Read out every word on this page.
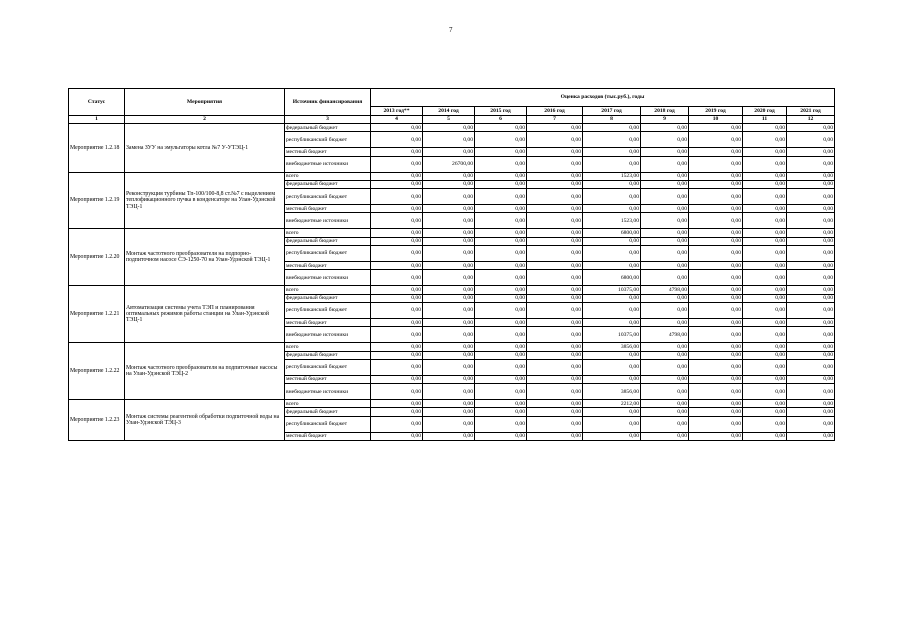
7
Статус	Мероприятия	Источник финансирования	Оценка расходов (тыс.руб.), годы								
			2013 год**	2014 год	2015 год	2016 год	2017 год	2018 год	2019 год	2020 год	2021 год
1	2	3	4	5	6	7	8	9	10	11	12
Мероприятие 1.2.18	Замена ЗУУ на эмульгаторы котла №7 У-УТЭЦ-1	федеральный бюджет	0,00	0,00	0,00	0,00	0,00	0,00	0,00	0,00	0,00
		республиканский бюджет	0,00	0,00	0,00	0,00	0,00	0,00	0,00	0,00	0,00
		местный бюджет	0,00	0,00	0,00	0,00	0,00	0,00	0,00	0,00	0,00
		внебюджетные источники	0,00	26700,00	0,00	0,00	0,00	0,00	0,00	0,00	0,00
Мероприятие 1.2.19	Реконструкция турбины Тп-100/100-8,8 ст.№7 с выделением теплофикационного пучка в конденсаторе на Улан-Удэнской ТЭЦ-1	всего	0,00	0,00	0,00	0,00	1523,00	0,00	0,00	0,00	0,00
		федеральный бюджет	0,00	0,00	0,00	0,00	0,00	0,00	0,00	0,00	0,00
		республиканский бюджет	0,00	0,00	0,00	0,00	0,00	0,00	0,00	0,00	0,00
		местный бюджет	0,00	0,00	0,00	0,00	0,00	0,00	0,00	0,00	0,00
		внебюджетные источники	0,00	0,00	0,00	0,00	1523,00	0,00	0,00	0,00	0,00
Мероприятие 1.2.20	Монтаж частотного преобразователя на подпорно-подпиточном насосе СЭ-1250-70 на Улан-Удэнской ТЭЦ-1	всего	0,00	0,00	0,00	0,00	6800,00	0,00	0,00	0,00	0,00
		федеральный бюджет	0,00	0,00	0,00	0,00	0,00	0,00	0,00	0,00	0,00
		республиканский бюджет	0,00	0,00	0,00	0,00	0,00	0,00	0,00	0,00	0,00
		местный бюджет	0,00	0,00	0,00	0,00	0,00	0,00	0,00	0,00	0,00
		внебюджетные источники	0,00	0,00	0,00	0,00	6800,00	0,00	0,00	0,00	0,00
Мероприятие 1.2.21	Автоматизация системы учета ТЭП и планирования оптимальных режимов работы станции на Улан-Удэнской ТЭЦ-1	всего	0,00	0,00	0,00	0,00	10375,00	4798,00	0,00	0,00	0,00
		федеральный бюджет	0,00	0,00	0,00	0,00	0,00	0,00	0,00	0,00	0,00
		республиканский бюджет	0,00	0,00	0,00	0,00	0,00	0,00	0,00	0,00	0,00
		местный бюджет	0,00	0,00	0,00	0,00	0,00	0,00	0,00	0,00	0,00
		внебюджетные источники	0,00	0,00	0,00	0,00	10375,00	4798,00	0,00	0,00	0,00
Мероприятие 1.2.22	Монтаж частотного преобразователя на подпиточные насосы на Улан-Удэнской ТЭЦ-2	всего	0,00	0,00	0,00	0,00	3856,00	0,00	0,00	0,00	0,00
		федеральный бюджет	0,00	0,00	0,00	0,00	0,00	0,00	0,00	0,00	0,00
		республиканский бюджет	0,00	0,00	0,00	0,00	0,00	0,00	0,00	0,00	0,00
		местный бюджет	0,00	0,00	0,00	0,00	0,00	0,00	0,00	0,00	0,00
		внебюджетные источники	0,00	0,00	0,00	0,00	3856,00	0,00	0,00	0,00	0,00
Мероприятие 1.2.23	Монтаж системы реагентной обработки подпиточной воды на Улан-Удэнской ТЭЦ-3	всего	0,00	0,00	0,00	0,00	2212,00	0,00	0,00	0,00	0,00
		федеральный бюджет	0,00	0,00	0,00	0,00	0,00	0,00	0,00	0,00	0,00
		республиканский бюджет	0,00	0,00	0,00	0,00	0,00	0,00	0,00	0,00	0,00
		местный бюджет	0,00	0,00	0,00	0,00	0,00	0,00	0,00	0,00	0,00
